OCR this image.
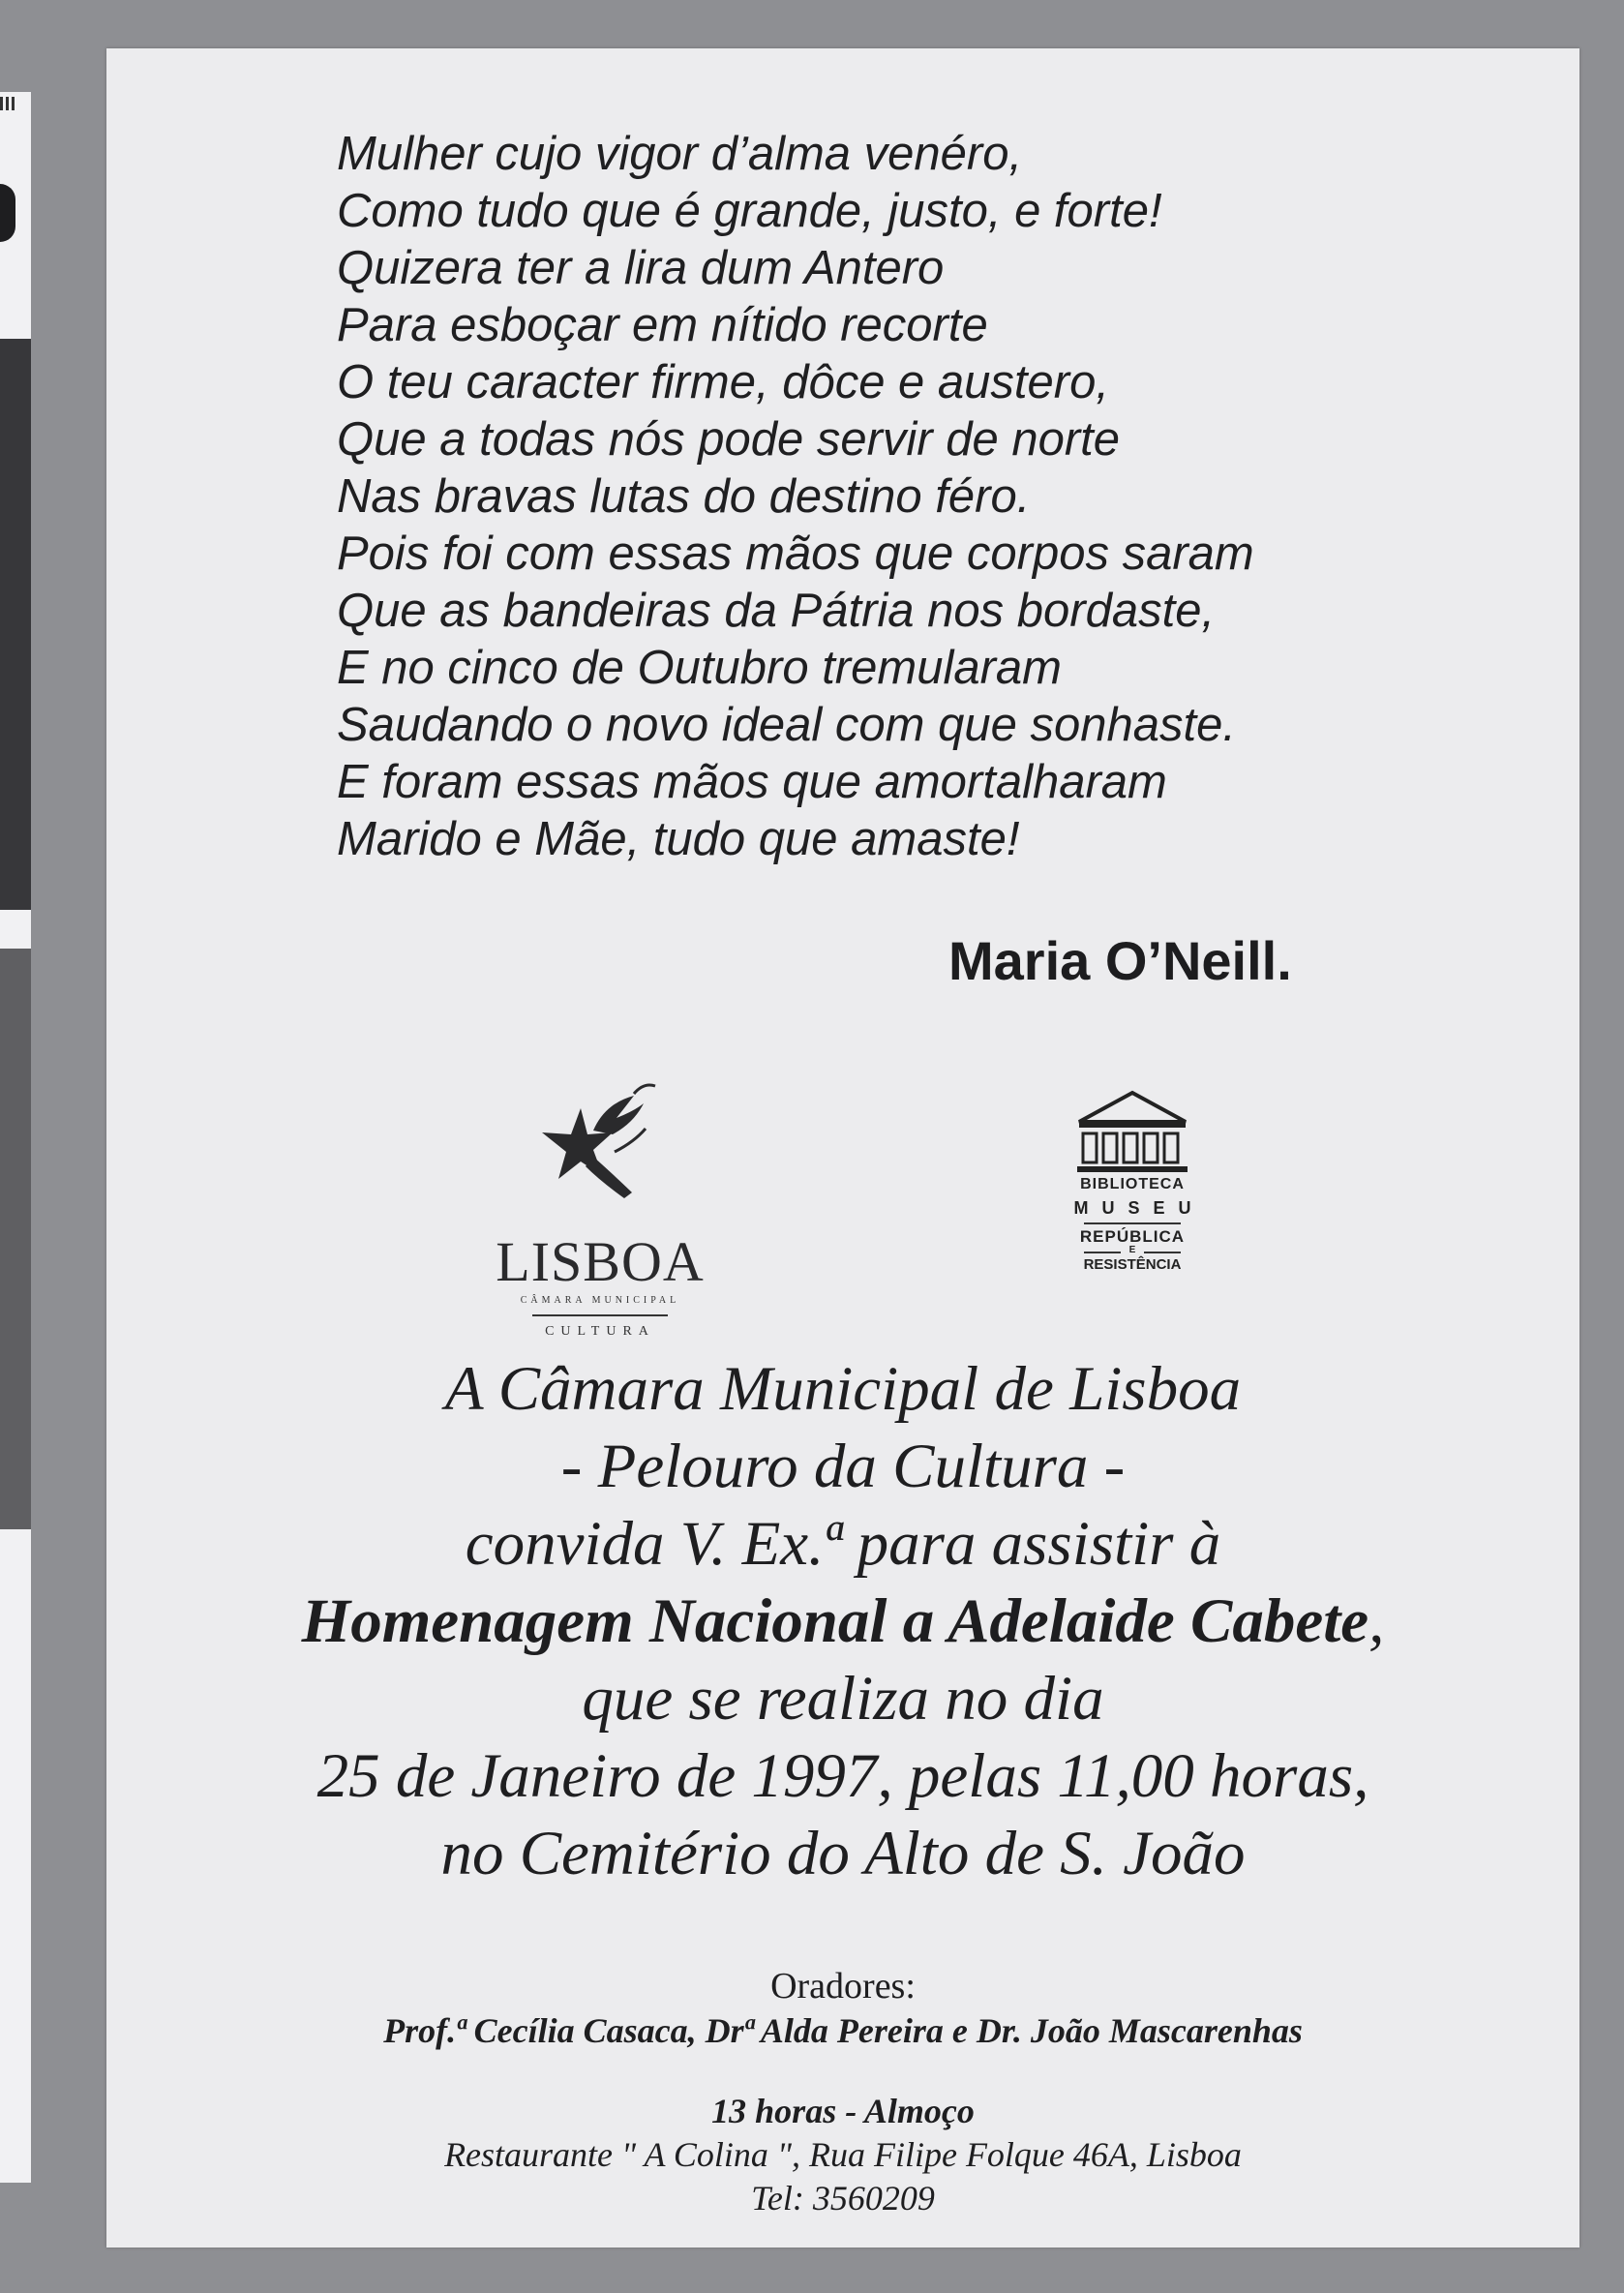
Mulher cujo vigor d’alma venéro,
Como tudo que é grande, justo, e forte!
Quizera ter a lira dum Antero
Para esboçar em nítido recorte
O teu caracter firme, dôce e austero,
Que a todas nós pode servir de norte
Nas bravas lutas do destino féro.
Pois foi com essas mãos que corpos saram
Que as bandeiras da Pátria nos bordaste,
E no cinco de Outubro tremularam
Saudando o novo ideal com que sonhaste.
E foram essas mãos que amortalharam
Marido e Mãe, tudo que amaste!
Maria O’Neill.
LISBOA
CÂMARA MUNICIPAL
CULTURA
BIBLIOTECA
MUSEU
REPÚBLICA
E
RESISTÊNCIA
A Câmara Municipal de Lisboa
- Pelouro da Cultura -
convida V. Ex.ª para assistir à
Homenagem Nacional a Adelaide Cabete,
que se realiza no dia
25 de Janeiro de 1997, pelas 11,00 horas,
no Cemitério do Alto de S. João
Oradores:
Prof.ª Cecília Casaca, Drª Alda Pereira e Dr. João Mascarenhas
13 horas - Almoço
Restaurante " A Colina ", Rua Filipe Folque 46A, Lisboa
Tel: 3560209
